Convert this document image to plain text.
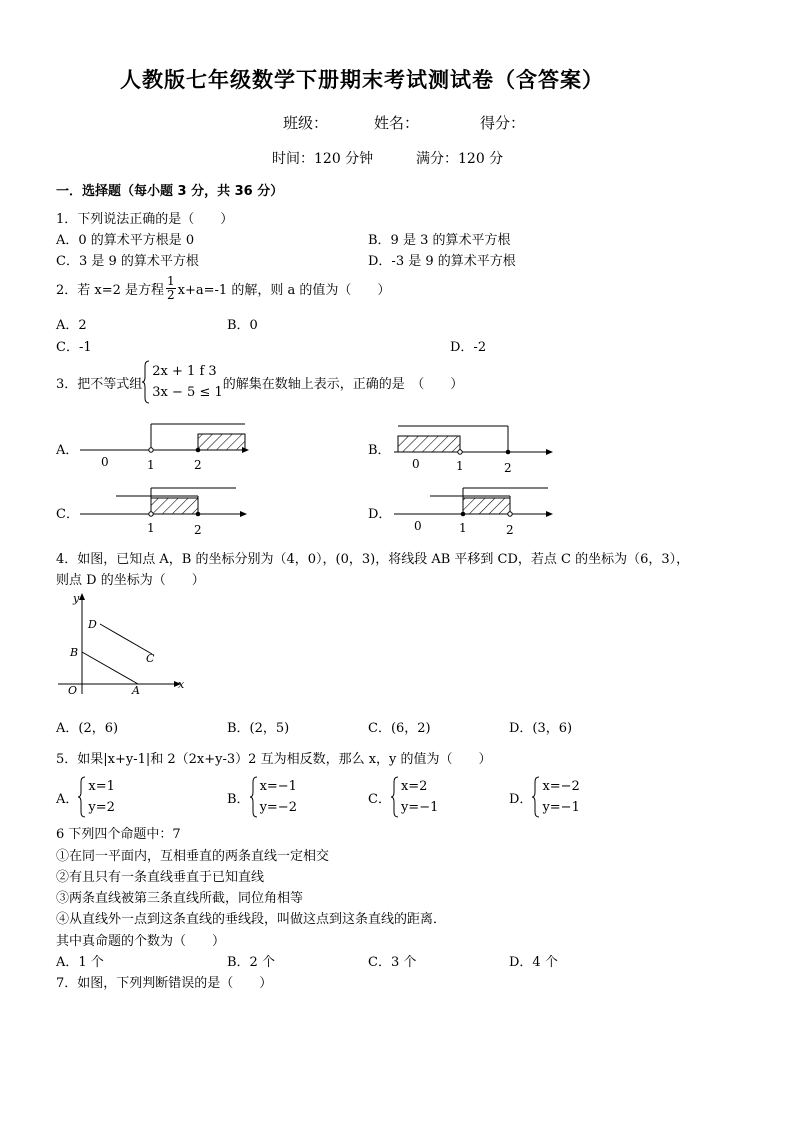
人教版七年级数学下册期末考试测试卷（含答案）
班级：	姓名：	得分：
时间：120 分钟	满分：120 分
一．选择题（每小题 3 分，共 36 分）
1．下列说法正确的是（　　）
A．0 的算术平方根是 0	B．9 是 3 的算术平方根
C．3 是 9 的算术平方根	D．-3 是 9 的算术平方根
2．若 x=2 是方程 $\frac{1}{2} x+a=-1$ 的解，则 a 的值为（　　）
A．2	B．0
C．-1	D．-2
3．把不等式组
2x + 1 f 3
3x − 5 ≤ 1
的解集在数轴上表示，正确的是　（　　）
A．
0	1	2
B．
0	1	2
C．
1	2
D．
0	1	2
4．如图，已知点 A，B 的坐标分别为（4，0），(0，3)，将线段 AB 平移到 CD，若点 C 的坐标为（6，3），
则点 D 的坐标为（　　）
y
x
O	A
B	C
D
A．(2，6)	B．(2，5)	C．(6，2)	D．(3，6)
5．如果|x+y-1|和 2（2x+y-3）2 互为相反数，那么 x，y 的值为（　　）
A．
x=1
y=2
B．
x=−1
y=−2
C．
x=2
y=−1
D．
x=−2
y=−1
6 下列四个命题中：7
①在同一平面内，互相垂直的两条直线一定相交
②有且只有一条直线垂直于已知直线
③两条直线被第三条直线所截，同位角相等
④从直线外一点到这条直线的垂线段，叫做这点到这条直线的距离．
其中真命题的个数为（　　）
A．1 个	B．2 个	C．3 个	D．4 个
7．如图，下列判断错误的是（　　）
